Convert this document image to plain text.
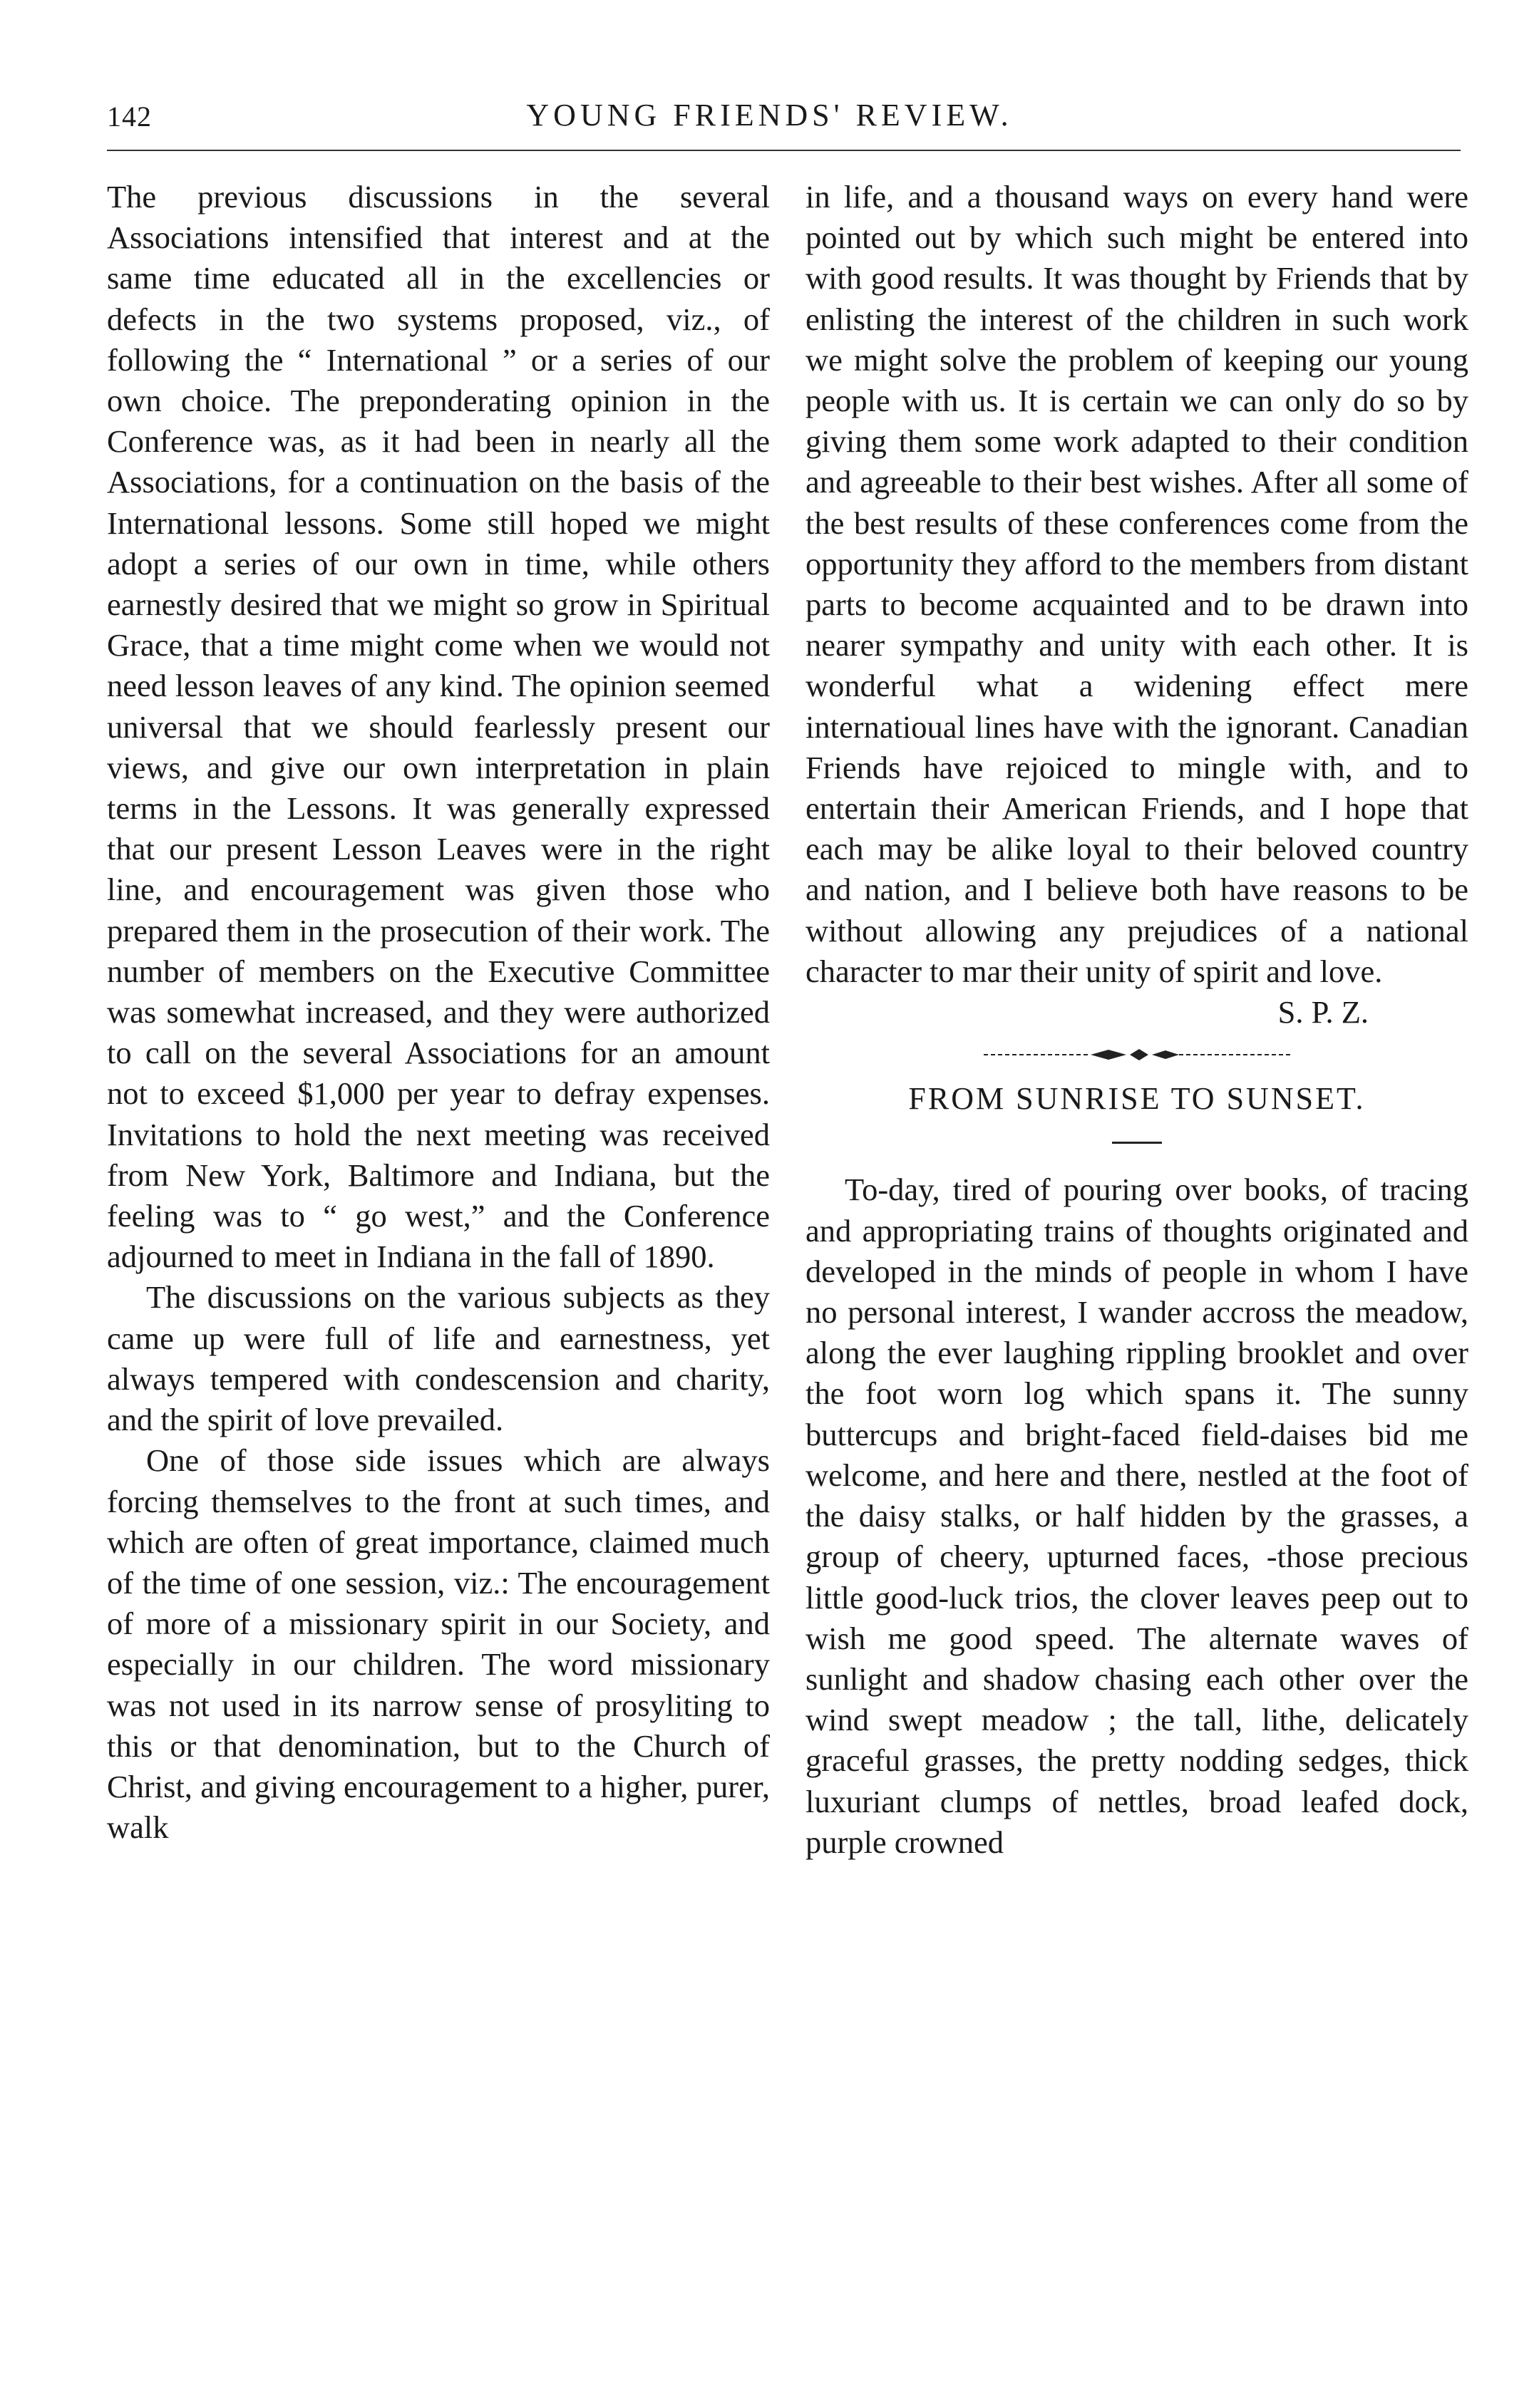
142	YOUNG FRIENDS' REVIEW.

The previous discussions in the several Associations intensified that interest and at the same time educated all in the excellencies or defects in the two systems proposed, viz., of following the “ International ” or a series of our own choice. The preponderating opinion in the Conference was, as it had been in nearly all the Associations, for a continuation on the basis of the International lessons. Some still hoped we might adopt a series of our own in time, while others earnestly desired that we might so grow in Spiritual Grace, that a time might come when we would not need lesson leaves of any kind. The opinion seemed universal that we should fearlessly present our views, and give our own interpretation in plain terms in the Lessons. It was generally expressed that our present Lesson Leaves were in the right line, and encouragement was given those who prepared them in the prosecution of their work. The number of members on the Executive Committee was somewhat increased, and they were authorized to call on the several Associations for an amount not to exceed $1,000 per year to defray expenses. Invitations to hold the next meeting was received from New York, Baltimore and Indiana, but the feeling was to “ go west,” and the Conference adjourned to meet in Indiana in the fall of 1890.

The discussions on the various subjects as they came up were full of life and earnestness, yet always tempered with condescension and charity, and the spirit of love prevailed.

One of those side issues which are always forcing themselves to the front at such times, and which are often of great importance, claimed much of the time of one session, viz.: The encouragement of more of a missionary spirit in our Society, and especially in our children. The word missionary was not used in its narrow sense of prosyliting to this or that denomination, but to the Church of Christ, and giving encouragement to a higher, purer, walk

in life, and a thousand ways on every hand were pointed out by which such might be entered into with good results. It was thought by Friends that by enlisting the interest of the children in such work we might solve the problem of keeping our young people with us. It is certain we can only do so by giving them some work adapted to their condition and agreeable to their best wishes. After all some of the best results of these conferences come from the opportunity they afford to the members from distant parts to become acquainted and to be drawn into nearer sympathy and unity with each other. It is wonderful what a widening effect mere internatioual lines have with the ignorant. Canadian Friends have rejoiced to mingle with, and to entertain their American Friends, and I hope that each may be alike loyal to their beloved country and nation, and I believe both have reasons to be without allowing any prejudices of a national character to mar their unity of spirit and love.

S. P. Z.

FROM SUNRISE TO SUNSET.

To-day, tired of pouring over books, of tracing and appropriating trains of thoughts originated and developed in the minds of people in whom I have no personal interest, I wander accross the meadow, along the ever laughing rippling brooklet and over the foot worn log which spans it. The sunny buttercups and bright-faced field-daises bid me welcome, and here and there, nestled at the foot of the daisy stalks, or half hidden by the grasses, a group of cheery, upturned faces, -those precious little good-luck trios, the clover leaves peep out to wish me good speed. The alternate waves of sunlight and shadow chasing each other over the wind swept meadow ; the tall, lithe, delicately graceful grasses, the pretty nodding sedges, thick luxuriant clumps of nettles, broad leafed dock, purple crowned
